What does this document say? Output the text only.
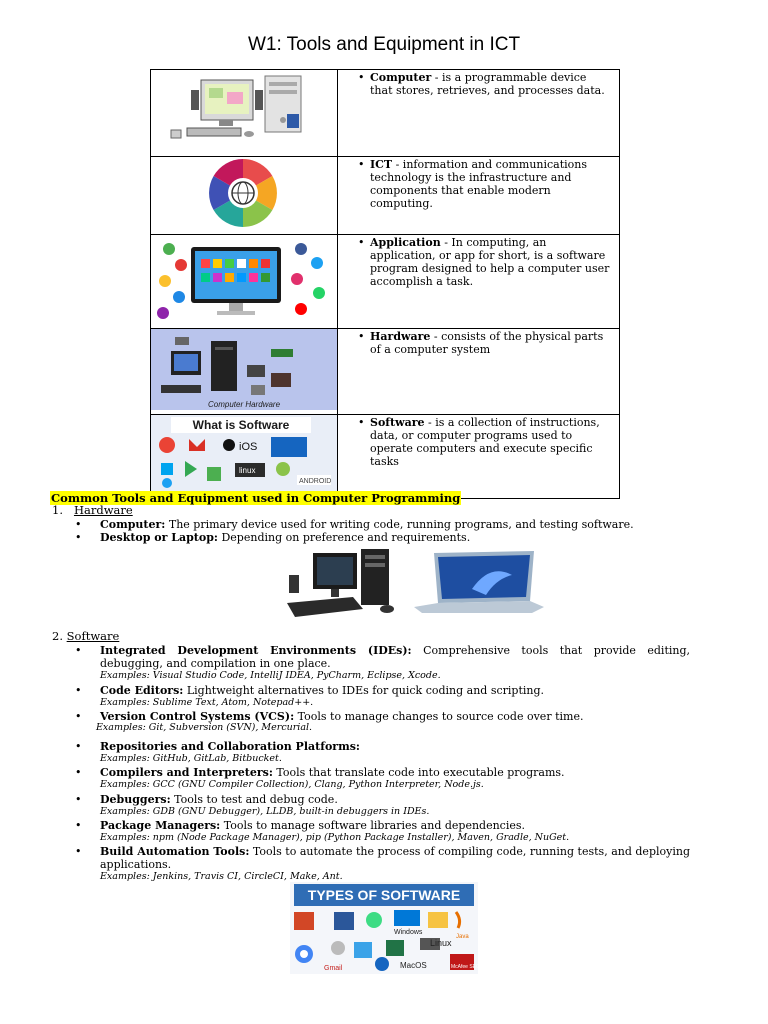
W1: Tools and Equipment in ICT

• Computer - is a programmable device that stores, retrieves, and processes data.

• ICT - information and communications technology is the infrastructure and components that enable modern computing.

• Application - In computing, an application, or app for short, is a software program designed to help a computer user accomplish a task.

Computer Hardware	• Hardware - consists of the physical parts of a computer system

What is Software
iOS
linux
ANDROID	• Software - is a collection of instructions, data, or computer programs used to operate computers and execute specific tasks
Common Tools and Equipment used in Computer Programming
1. Hardware
• Computer: The primary device used for writing code, running programs, and testing software.
• Desktop or Laptop: Depending on preference and requirements.
2. Software
• Integrated Development Environments (IDEs): Comprehensive tools that provide editing, debugging, and compilation in one place.
Examples: Visual Studio Code, IntelliJ IDEA, PyCharm, Eclipse, Xcode.
• Code Editors: Lightweight alternatives to IDEs for quick coding and scripting.
Examples: Sublime Text, Atom, Notepad++.
• Version Control Systems (VCS): Tools to manage changes to source code over time.
Examples: Git, Subversion (SVN), Mercurial.
• Repositories and Collaboration Platforms:
Examples: GitHub, GitLab, Bitbucket.
• Compilers and Interpreters: Tools that translate code into executable programs.
Examples: GCC (GNU Compiler Collection), Clang, Python Interpreter, Node.js.
• Debuggers: Tools to test and debug code.
Examples: GDB (GNU Debugger), LLDB, built-in debuggers in IDEs.
• Package Managers: Tools to manage software libraries and dependencies.
Examples: npm (Node Package Manager), pip (Python Package Installer), Maven, Gradle, NuGet.
• Build Automation Tools: Tools to automate the process of compiling code, running tests, and deploying applications.
Examples: Jenkins, Travis CI, CircleCI, Make, Ant.
TYPES OF SOFTWARE
Windows
Java
Gmail
Linux
MacOS	McAfee SECURE
